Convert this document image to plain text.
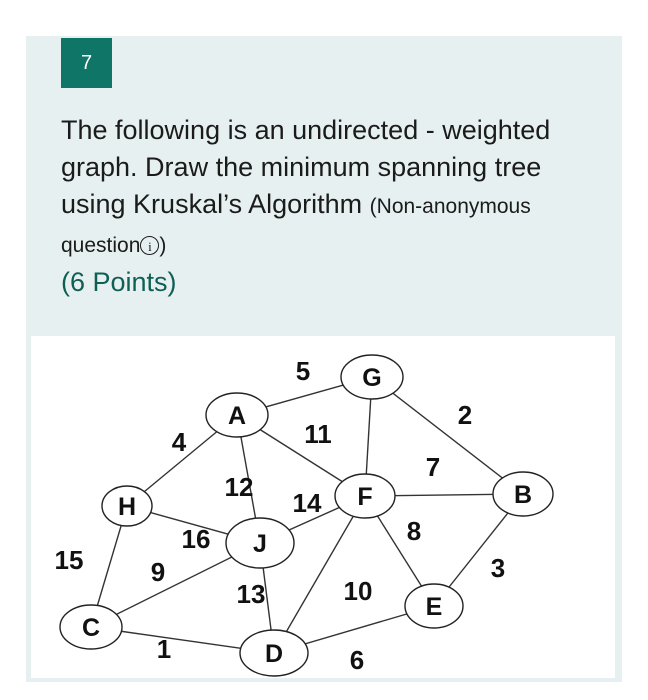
7
The following is an undirected - weighted graph. Draw the minimum spanning tree using Kruskal’s Algorithm (Non-anonymous question i )
(6 Points)
5
2
4	11
7
12
14
16	8
3
15	9
13	10
1	6
A
G
B
H	F
J
C
D
E
